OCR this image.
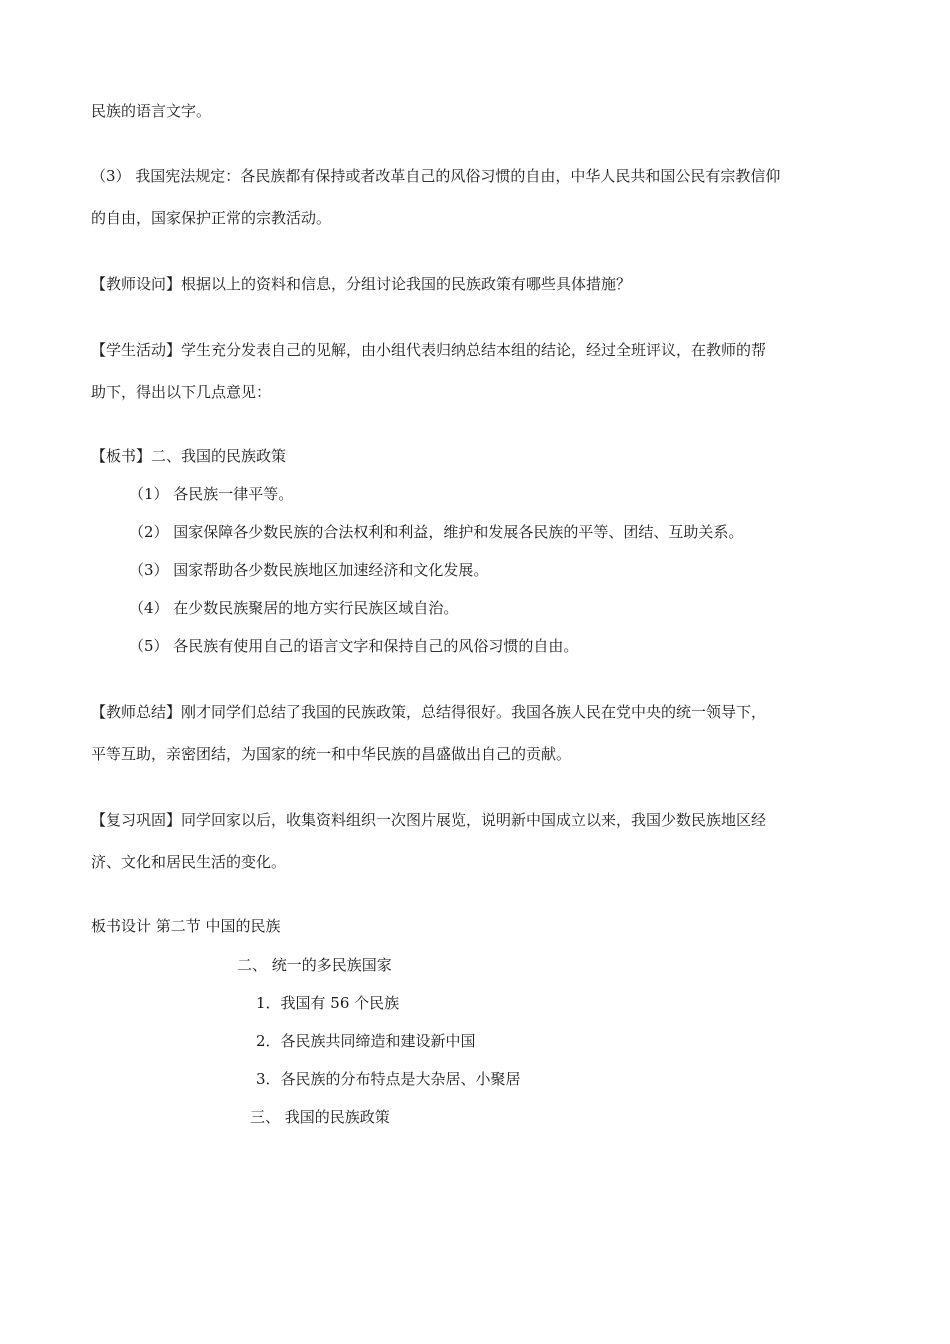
民族的语言文字。
（3） 我国宪法规定：各民族都有保持或者改革自己的风俗习惯的自由，中华人民共和国公民有宗教信仰
的自由，国家保护正常的宗教活动。
【教师设问】根据以上的资料和信息，分组讨论我国的民族政策有哪些具体措施？
【学生活动】学生充分发表自己的见解，由小组代表归纳总结本组的结论，经过全班评议，在教师的帮
助下，得出以下几点意见：
【板书】二、我国的民族政策
（1） 各民族一律平等。
（2） 国家保障各少数民族的合法权利和利益，维护和发展各民族的平等、团结、互助关系。
（3） 国家帮助各少数民族地区加速经济和文化发展。
（4） 在少数民族聚居的地方实行民族区域自治。
（5） 各民族有使用自己的语言文字和保持自己的风俗习惯的自由。
【教师总结】刚才同学们总结了我国的民族政策，总结得很好。我国各族人民在党中央的统一领导下，
平等互助，亲密团结，为国家的统一和中华民族的昌盛做出自己的贡献。
【复习巩固】同学回家以后，收集资料组织一次图片展览，说明新中国成立以来，我国少数民族地区经
济、文化和居民生活的变化。
板书设计 第二节 中国的民族
二、 统一的多民族国家
1．我国有 56 个民族
2．各民族共同缔造和建设新中国
3．各民族的分布特点是大杂居、小聚居
三、 我国的民族政策
